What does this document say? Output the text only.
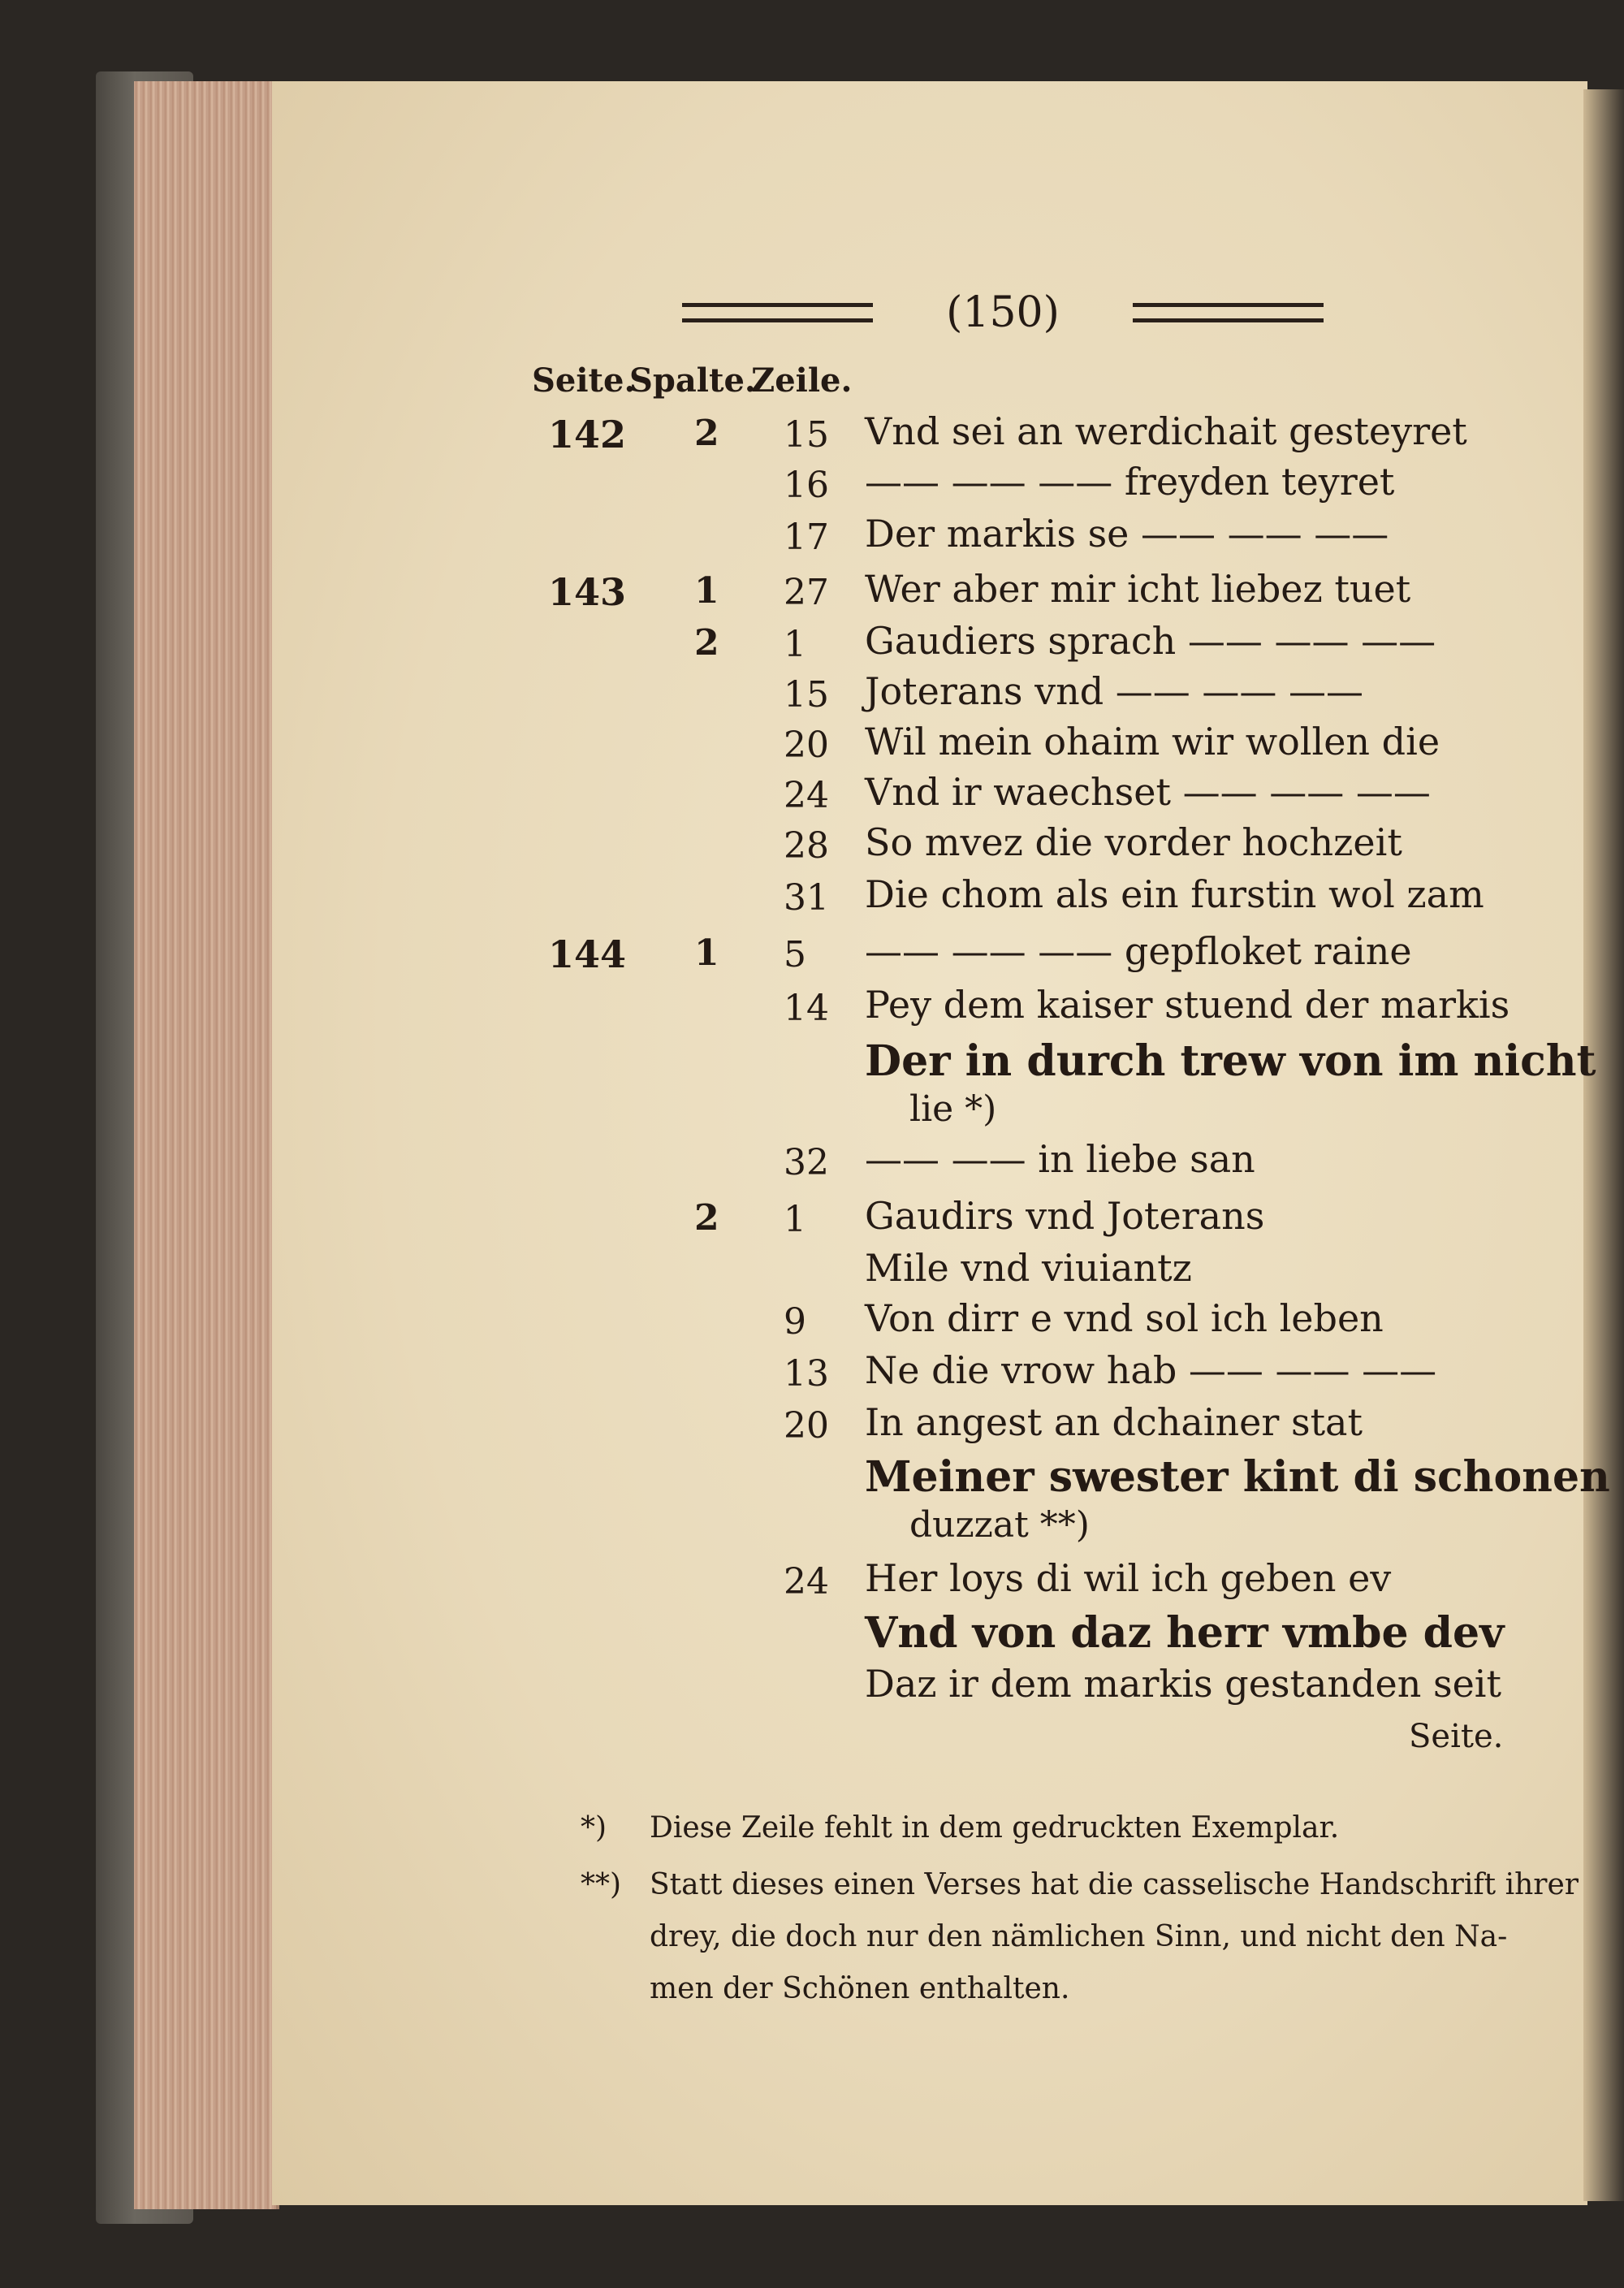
(150)
Seite.
Spalte.
Zeile.
142 2 15 Vnd sei an werdichait gesteyret
16 —— —— —— freyden teyret
17 Der markis se —— —— ——
143 1 27 Wer aber mir icht liebez tuet
2 1 Gaudiers sprach —— —— ——
15 Joterans vnd —— —— ——
20 Wil mein ohaim wir wollen die
24 Vnd ir waechset —— —— ——
28 So mvez die vorder hochzeit
31 Die chom als ein furstin wol zam
144 1 5 —— —— —— gepfloket raine
14 Pey dem kaiser stuend der markis
Der in durch trew von im nicht
lie *)
32 —— —— in liebe san
2 1 Gaudirs vnd Joterans
Mile vnd viuiantz
9 Von dirr e vnd sol ich leben
13 Ne die vrow hab —— —— ——
20 In angest an dchainer stat
Meiner swester kint di schonen
duzzat **)
24 Her loys di wil ich geben ev
Vnd von daz herr vmbe dev
Daz ir dem markis gestanden seit
Seite.
*) Diese Zeile fehlt in dem gedruckten Exemplar.
**) Statt dieses einen Verses hat die casselische Handschrift ihrer
drey, die doch nur den nämlichen Sinn, und nicht den Na-
men der Schönen enthalten.
